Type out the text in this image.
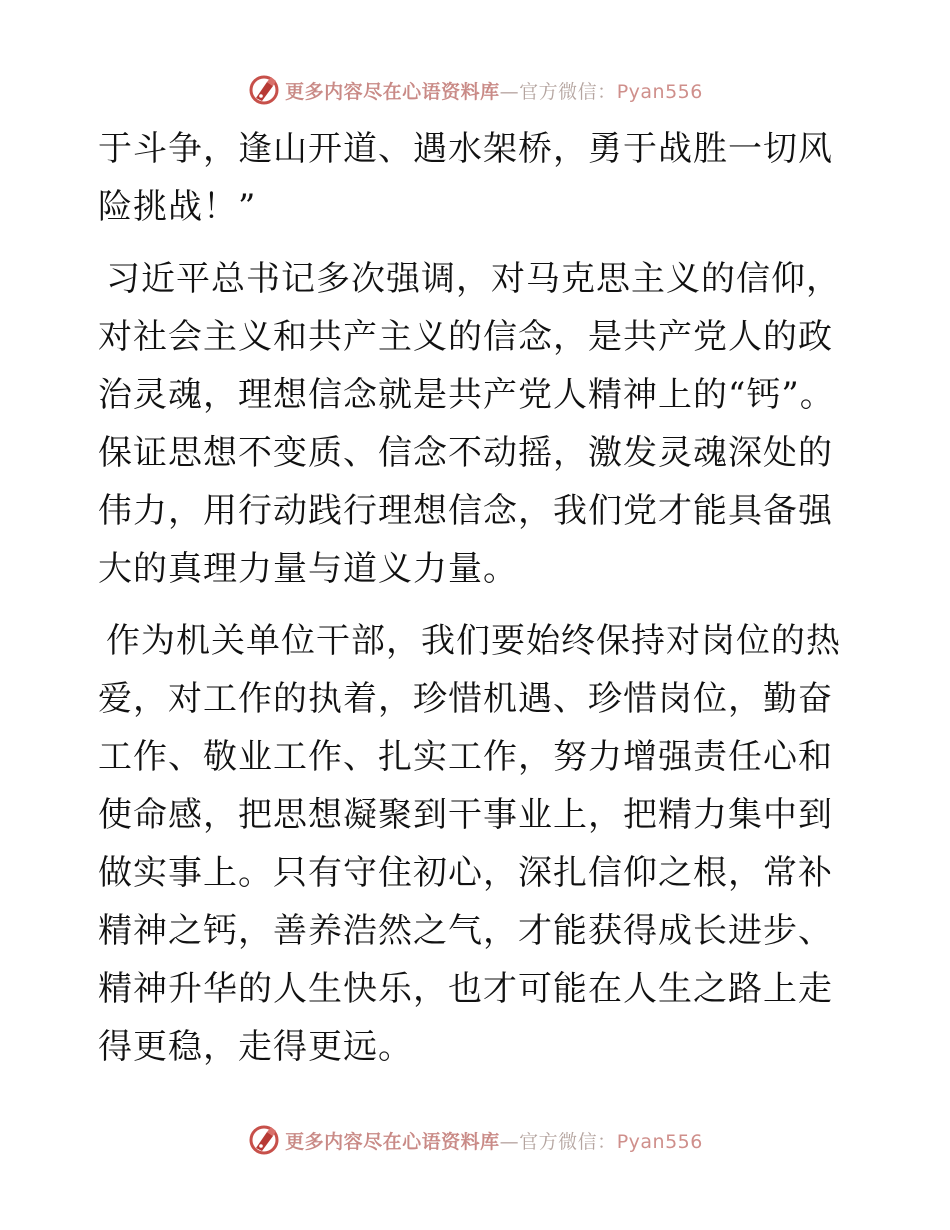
更多内容尽在心语资料库—官方微信：Pyan556

于斗争，逢山开道、遇水架桥，勇于战胜一切风险挑战！”

习近平总书记多次强调，对马克思主义的信仰，对社会主义和共产主义的信念，是共产党人的政治灵魂，理想信念就是共产党人精神上的“钙”。保证思想不变质、信念不动摇，激发灵魂深处的伟力，用行动践行理想信念，我们党才能具备强大的真理力量与道义力量。

作为机关单位干部，我们要始终保持对岗位的热爱，对工作的执着，珍惜机遇、珍惜岗位，勤奋工作、敬业工作、扎实工作，努力增强责任心和使命感，把思想凝聚到干事业上，把精力集中到做实事上。只有守住初心，深扎信仰之根，常补精神之钙，善养浩然之气，才能获得成长进步、精神升华的人生快乐，也才可能在人生之路上走得更稳，走得更远。

更多内容尽在心语资料库—官方微信：Pyan556
